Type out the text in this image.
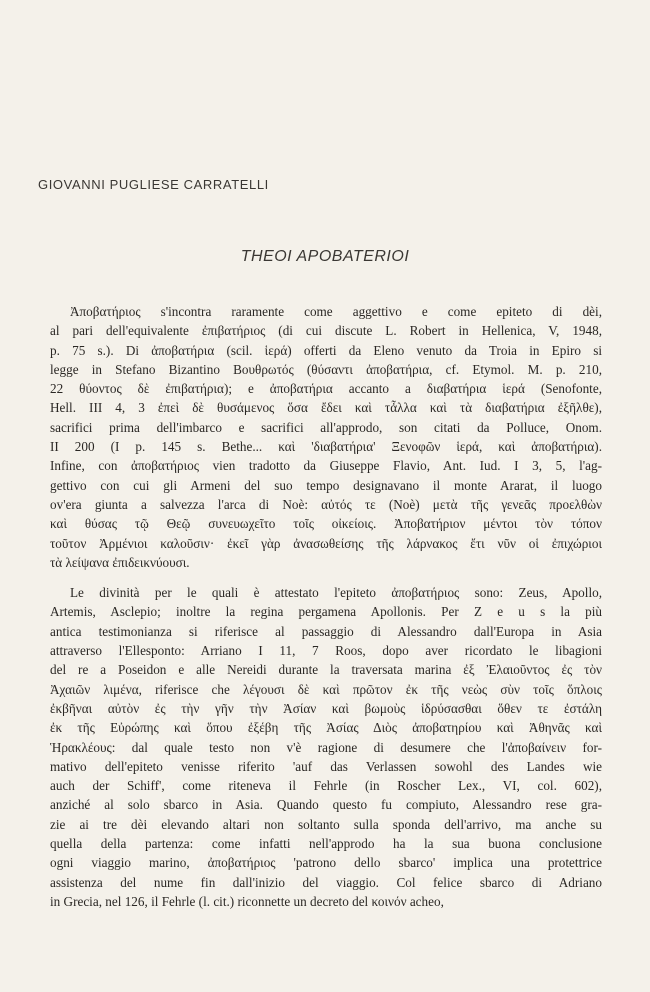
GIOVANNI PUGLIESE CARRATELLI
THEOI APOBATERIOI
Ἀποβατήριος s'incontra raramente come aggettivo e come epiteto di dèi,
al pari dell'equivalente ἐπιβατήριος (di cui discute L. Robert in Hellenica, V, 1948,
p. 75 s.). Di ἀποβατήρια (scil. ἱερά) offerti da Eleno venuto da Troia in Epiro si
legge in Stefano Bizantino Βουθρωτός (θύσαντι ἀποβατήρια, cf. Etymol. M. p. 210,
22 θύοντος δὲ ἐπιβατήρια); e ἀποβατήρια accanto a διαβατήρια ἱερά (Senofonte,
Hell. III 4, 3 ἐπεὶ δὲ θυσάμενος ὅσα ἔδει καὶ τἆλλα καὶ τὰ διαβατήρια ἐξῆλθε),
sacrifici prima dell'imbarco e sacrifici all'approdo, son citati da Polluce, Onom.
II 200 (I p. 145 s. Bethe... καὶ 'διαβατήρια' Ξενοφῶν ἱερά, καὶ ἀποβατήρια).
Infine, con ἀποβατήριος vien tradotto da Giuseppe Flavio, Ant. Iud. I 3, 5, l'ag-
gettivo con cui gli Armeni del suo tempo designavano il monte Ararat, il luogo
ov'era giunta a salvezza l'arca di Noè: αὐτός τε (Noè) μετὰ τῆς γενεᾶς προελθὼν
καὶ θύσας τῷ Θεῷ συνευωχεῖτο τοῖς οἰκείοις. Ἀποβατήριον μέντοι τὸν τόπον
τοῦτον Ἀρμένιοι καλοῦσιν· ἐκεῖ γὰρ ἀνασωθείσης τῆς λάρνακος ἔτι νῦν οἱ ἐπιχώριοι
τὰ λείψανα ἐπιδεικνύουσι.
Le divinità per le quali è attestato l'epiteto ἀποβατήριος sono: Zeus, Apollo,
Artemis, Asclepio; inoltre la regina pergamena Apollonis. Per Z e u s la più
antica testimonianza si riferisce al passaggio di Alessandro dall'Europa in Asia
attraverso l'Ellesponto: Arriano I 11, 7 Roos, dopo aver ricordato le libagioni
del re a Poseidon e alle Nereidi durante la traversata marina ἐξ Ἐλαιοῦντος ἐς τὸν
Ἀχαιῶν λιμένα, riferisce che λέγουσι δὲ καὶ πρῶτον ἐκ τῆς νεὼς σὺν τοῖς ὅπλοις
ἐκβῆναι αὐτὸν ἐς τὴν γῆν τὴν Ἀσίαν καὶ βωμοὺς ἱδρύσασθαι ὅθεν τε ἐστάλη
ἐκ τῆς Εὐρώπης καὶ ὅπου ἐξέβη τῆς Ἀσίας Διὸς ἀποβατηρίου καὶ Ἀθηνᾶς καὶ
Ἡρακλέους: dal quale testo non v'è ragione di desumere che l'ἀποβαίνειν for-
mativo dell'epiteto venisse riferito 'auf das Verlassen sowohl des Landes wie
auch der Schiff', come riteneva il Fehrle (in Roscher Lex., VI, col. 602),
anziché al solo sbarco in Asia. Quando questo fu compiuto, Alessandro rese gra-
zie ai tre dèi elevando altari non soltanto sulla sponda dell'arrivo, ma anche su
quella della partenza: come infatti nell'approdo ha la sua buona conclusione
ogni viaggio marino, ἀποβατήριος 'patrono dello sbarco' implica una protettrice
assistenza del nume fin dall'inizio del viaggio. Col felice sbarco di Adriano
in Grecia, nel 126, il Fehrle (l. cit.) riconnette un decreto del κοινόν acheo,
